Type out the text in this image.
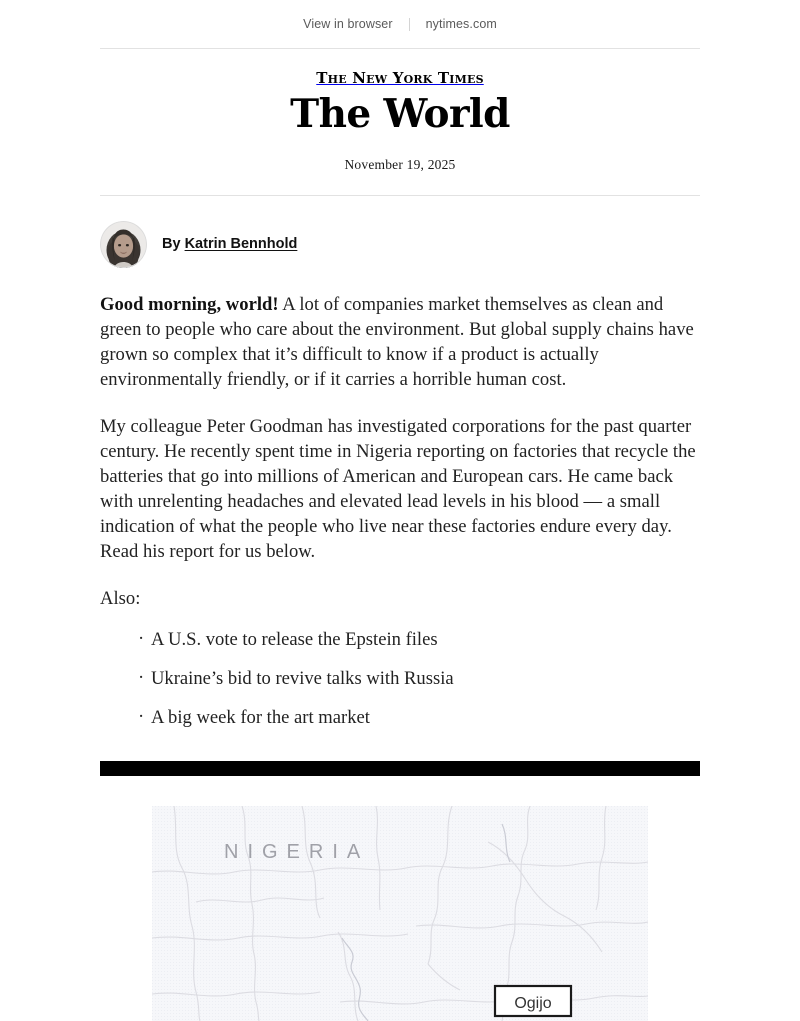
View in browser	nytimes.com
The New York Times
The World
November 19, 2025
By Katrin Bennhold

Good morning, world! A lot of companies market themselves as clean and green to people who care about the environment. But global supply chains have grown so complex that it’s difficult to know if a product is actually environmentally friendly, or if it carries a horrible human cost.

My colleague Peter Goodman has investigated corporations for the past quarter century. He recently spent time in Nigeria reporting on factories that recycle the batteries that go into millions of American and European cars. He came back with unrelenting headaches and elevated lead levels in his blood — a small indication of what the people who live near these factories endure every day. Read his report for us below.

Also:

· A U.S. vote to release the Epstein files
· Ukraine’s bid to revive talks with Russia
· A big week for the art market
NIGERIA
Ogijo
